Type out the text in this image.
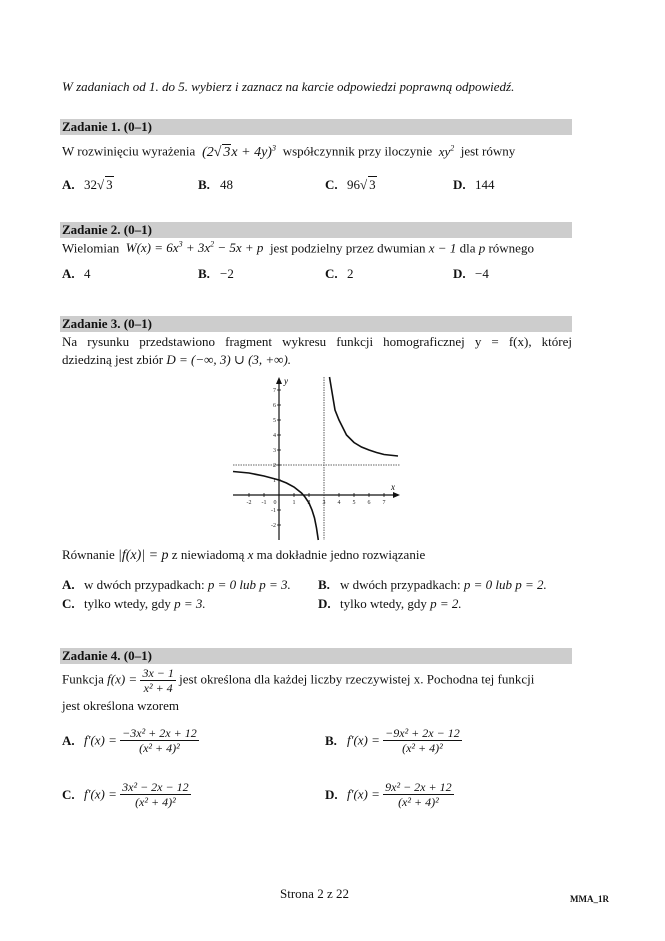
W zadaniach od 1. do 5. wybierz i zaznacz na karcie odpowiedzi poprawną odpowiedź.
Zadanie 1. (0–1)
W rozwinięciu wyrażenia  (2√ 3x + 4y)$^3$ współczynnik przy iloczynie  $xy^2$ jest równy
A. 32√ 3	B. 48	C. 96√ 3	D. 144
Zadanie 2. (0–1)
Wielomian  $W(x) = 6x^3 + 3x^2 - 5x + p$  jest podzielny przez dwumian x − 1 dla p równego
A. 4	B. −2	C. 2	D. −4
Zadanie 3. (0–1)
Na rysunku przedstawiono fragment wykresu funkcji homograficznej y = f(x), której
dziedziną jest zbiór D = (−∞, 3) ∪ (3, +∞).
y
x
-2 -1 0	1 2 3 4 5 6 7
7
6
5
4
3
2
1
-1
-2
Równanie |f(x)| = p z niewiadomą x ma dokładnie jedno rozwiązanie
A. w dwóch przypadkach: p = 0 lub p = 3. B. w dwóch przypadkach: p = 0 lub p = 2.
C. tylko wtedy, gdy p = 3.	D. tylko wtedy, gdy p = 2.
Zadanie 4. (0–1)
Funkcja $f(x) = \frac{3x - 1}{\text{x² + 4}}$ jest określona dla każdej liczby rzeczywistej x. Pochodna tej funkcji
jest określona wzorem
A. $f'(x) = \frac{\text{−3x² + 2x + 12}}{\text{(x² + 4)²}}$	B. $f'(x) = \frac{\text{−9x² + 2x − 12}}{\text{(x² + 4)²}}$
C. $f'(x) = \frac{\text{3x² − 2x − 12}}{\text{(x² + 4)²}}$	D. $f'(x) = \frac{\text{9x² − 2x + 12}}{\text{(x² + 4)²}}$
Strona 2 z 22	MMA_1R
